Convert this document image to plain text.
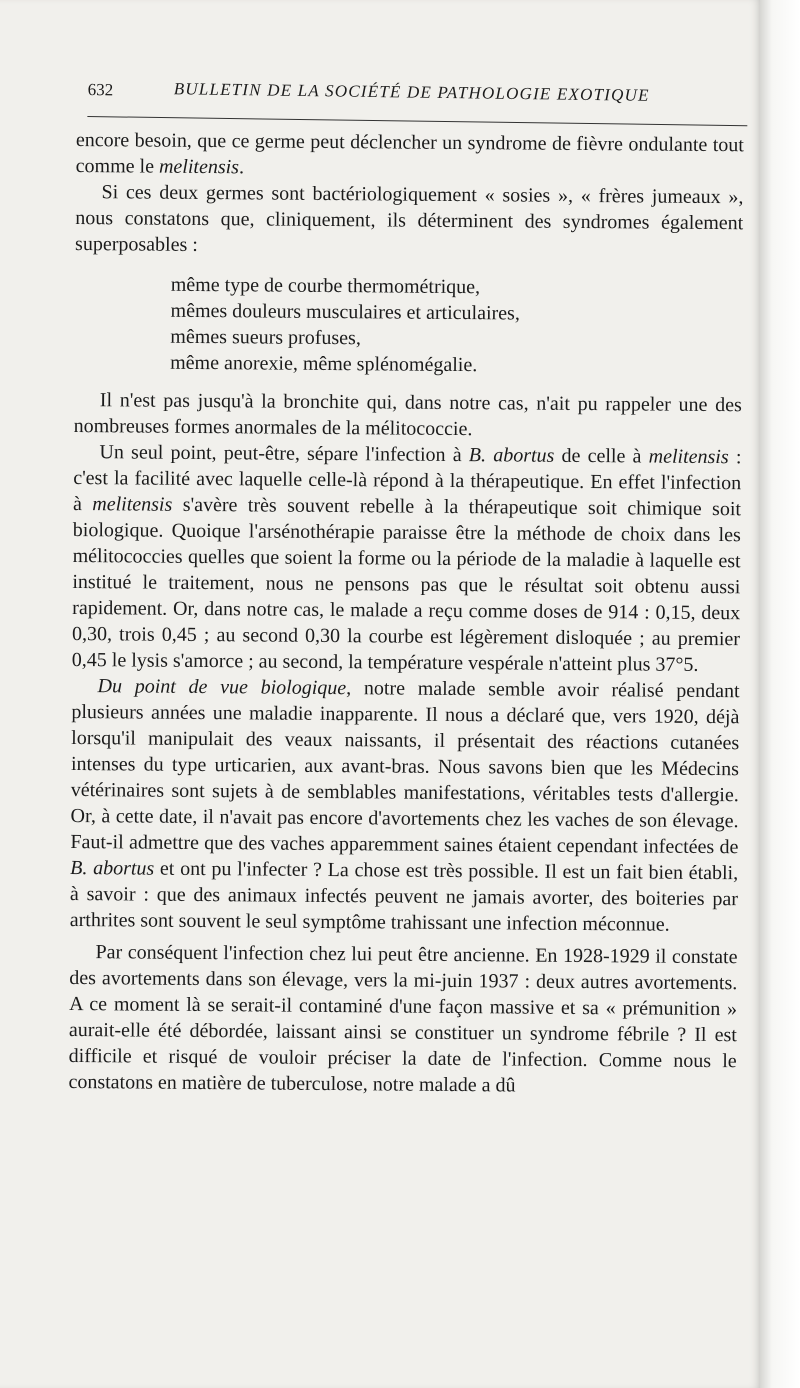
632	BULLETIN DE LA SOCIÉTÉ DE PATHOLOGIE EXOTIQUE

encore besoin, que ce germe peut déclencher un syndrome de fièvre ondulante tout comme le melitensis.

Si ces deux germes sont bactériologiquement « sosies », « frères jumeaux », nous constatons que, cliniquement, ils déterminent des syndromes également superposables :

même type de courbe thermométrique,
mêmes douleurs musculaires et articulaires,
mêmes sueurs profuses,
même anorexie, même splénomégalie.

Il n'est pas jusqu'à la bronchite qui, dans notre cas, n'ait pu rappeler une des nombreuses formes anormales de la mélitococcie.

Un seul point, peut-être, sépare l'infection à B. abortus de celle à melitensis : c'est la facilité avec laquelle celle-là répond à la thérapeutique. En effet l'infection à melitensis s'avère très souvent rebelle à la thérapeutique soit chimique soit biologique. Quoique l'arsénothérapie paraisse être la méthode de choix dans les mélitococcies quelles que soient la forme ou la période de la maladie à laquelle est institué le traitement, nous ne pensons pas que le résultat soit obtenu aussi rapidement. Or, dans notre cas, le malade a reçu comme doses de 914 : 0,15, deux 0,30, trois 0,45 ; au second 0,30 la courbe est légèrement disloquée ; au premier 0,45 le lysis s'amorce ; au second, la température vespérale n'atteint plus 37°5.

Du point de vue biologique, notre malade semble avoir réalisé pendant plusieurs années une maladie inapparente. Il nous a déclaré que, vers 1920, déjà lorsqu'il manipulait des veaux naissants, il présentait des réactions cutanées intenses du type urticarien, aux avant-bras. Nous savons bien que les Médecins vétérinaires sont sujets à de semblables manifestations, véritables tests d'allergie. Or, à cette date, il n'avait pas encore d'avortements chez les vaches de son élevage. Faut-il admettre que des vaches apparemment saines étaient cependant infectées de B. abortus et ont pu l'infecter ? La chose est très possible. Il est un fait bien établi, à savoir : que des animaux infectés peuvent ne jamais avorter, des boiteries par arthrites sont souvent le seul symptôme trahissant une infection méconnue.

Par conséquent l'infection chez lui peut être ancienne. En 1928-1929 il constate des avortements dans son élevage, vers la mi-juin 1937 : deux autres avortements. A ce moment là se serait-il contaminé d'une façon massive et sa « prémunition » aurait-elle été débordée, laissant ainsi se constituer un syndrome fébrile ? Il est difficile et risqué de vouloir préciser la date de l'infection. Comme nous le constatons en matière de tuberculose, notre malade a dû
